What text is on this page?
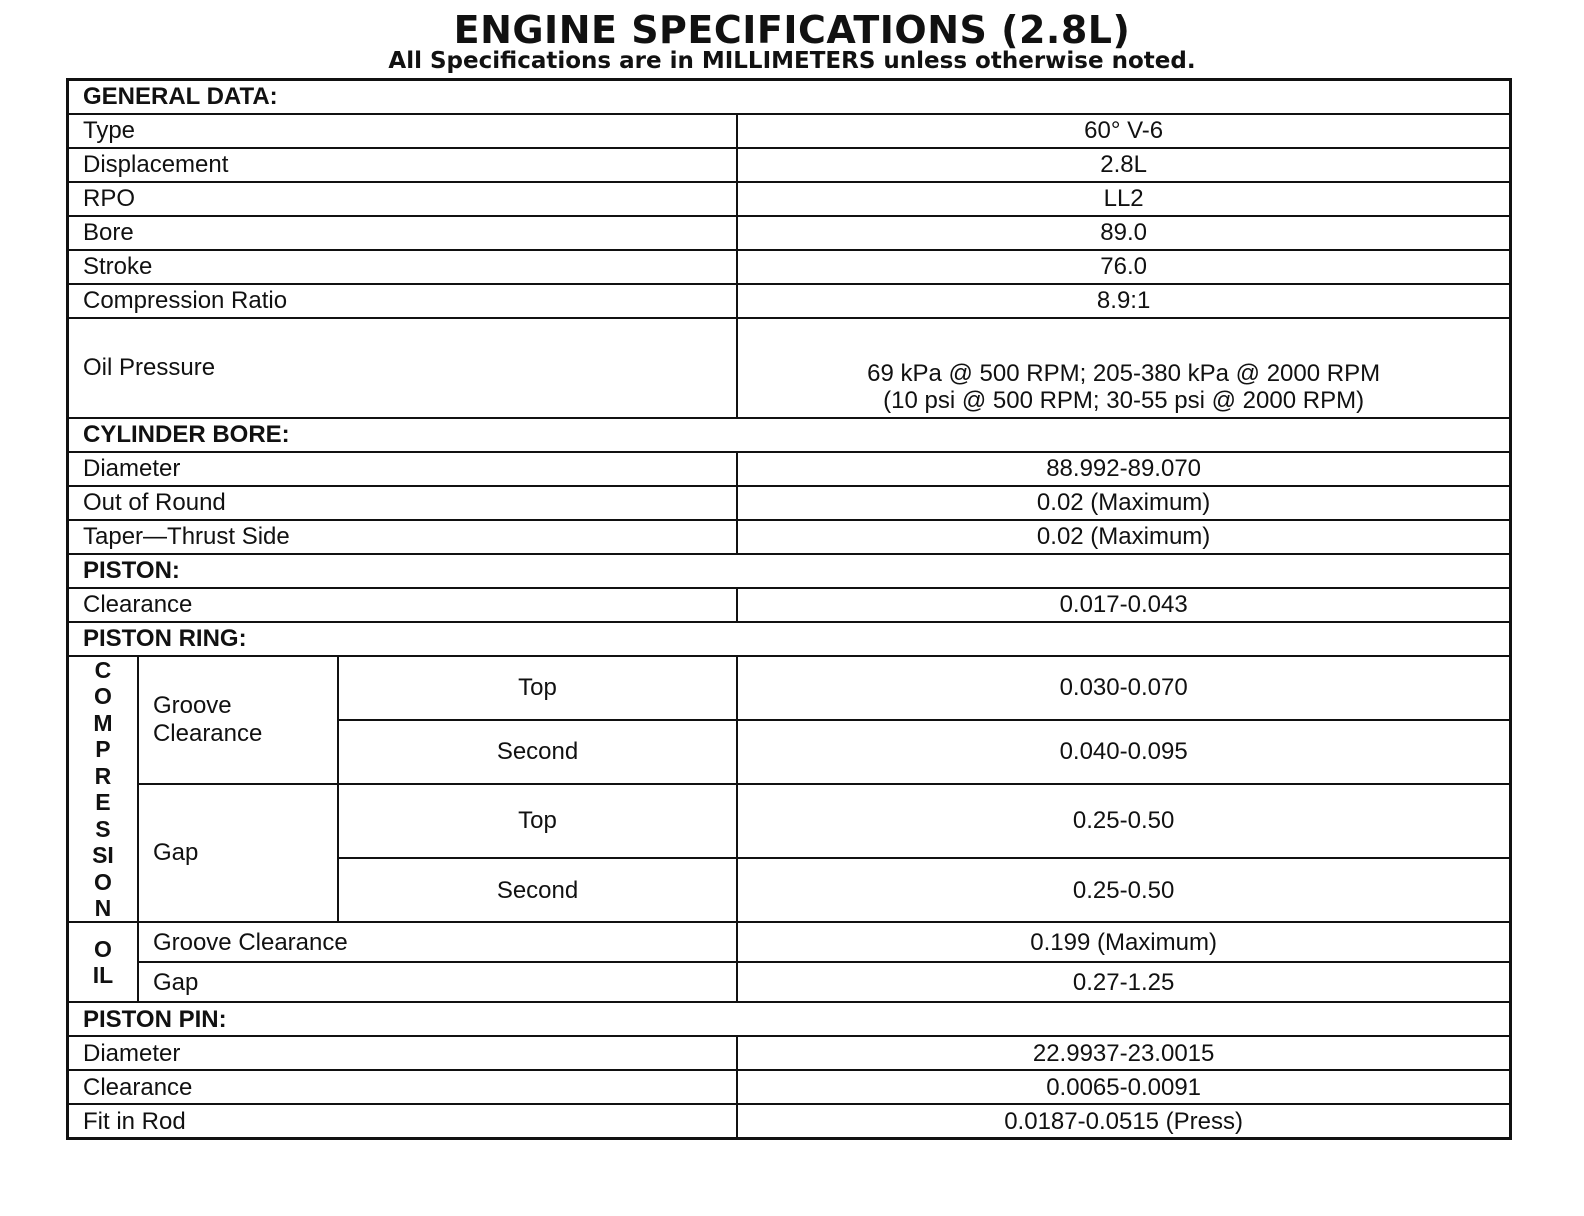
ENGINE SPECIFICATIONS (2.8L)
All Specifications are in MILLIMETERS unless otherwise noted.
GENERAL DATA:			
Type			60° V-6
Displacement			2.8L
RPO			LL2
Bore			89.0
Stroke			76.0
Compression Ratio			8.9:1
Oil Pressure			69 kPa @ 500 RPM; 205-380 kPa @ 2000 RPM
(10 psi @ 500 RPM; 30-55 psi @ 2000 RPM)

CYLINDER BORE:			
Diameter			88.992-89.070
Out of Round			0.02 (Maximum)
Taper—Thrust Side			0.02 (Maximum)
PISTON:			
Clearance			0.017-0.043
PISTON RING:			
COMPRESSION	Groove Clearance	Top	0.030-0.070
		Second	0.040-0.095
	Gap	Top	0.25-0.50
		Second	0.25-0.50
OIL	Groove Clearance		0.199 (Maximum)
	Gap		0.27-1.25
PISTON PIN:			
Diameter			22.9937-23.0015
Clearance			0.0065-0.0091
Fit in Rod			0.0187-0.0515 (Press)
